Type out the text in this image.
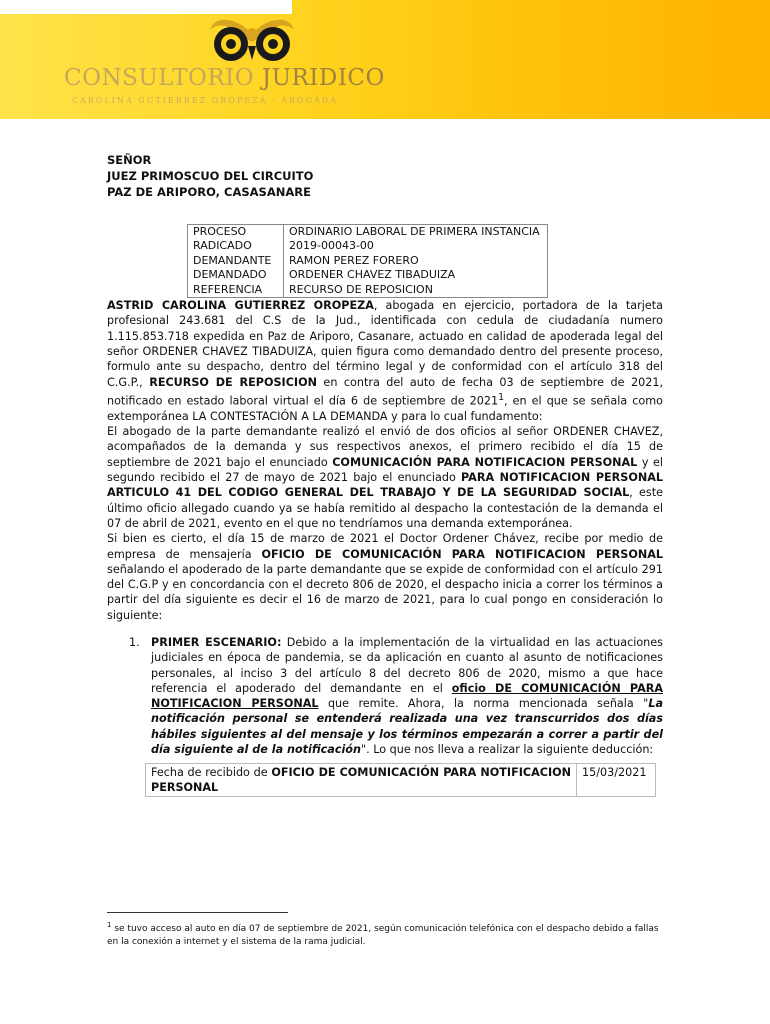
CONSULTORIO JURIDICO
CAROLINA GUTIERREZ OROPEZA - ABOGADA
SEÑOR
JUEZ PRIMOSCUO DEL CIRCUITO
PAZ DE ARIPORO, CASASANARE
PROCESO	ORDINARIO LABORAL DE PRIMERA INSTANCIA
RADICADO	2019-00043-00
DEMANDANTE	RAMON PEREZ FORERO
DEMANDADO	ORDENER CHAVEZ TIBADUIZA
REFERENCIA	RECURSO DE REPOSICION

ASTRID CAROLINA GUTIERREZ OROPEZA, abogada en ejercicio, portadora de la tarjeta profesional 243.681 del C.S de la Jud., identificada con cedula de ciudadanía numero 1.115.853.718 expedida en Paz de Ariporo, Casanare, actuado en calidad de apoderada legal del señor ORDENER CHAVEZ TIBADUIZA, quien figura como demandado dentro del presente proceso, formulo ante su despacho, dentro del término legal y de conformidad con el artículo 318 del C.G.P., RECURSO DE REPOSICION en contra del auto de fecha 03 de septiembre de 2021, notificado en estado laboral virtual el día 6 de septiembre de 2021$^1$, en el que se señala como extemporánea LA CONTESTACIÓN A LA DEMANDA y para lo cual fundamento:

El abogado de la parte demandante realizó el envió de dos oficios al señor ORDENER CHAVEZ, acompañados de la demanda y sus respectivos anexos, el primero recibido el día 15 de septiembre de 2021 bajo el enunciado COMUNICACIÓN PARA NOTIFICACION PERSONAL y el segundo recibido el 27 de mayo de 2021 bajo el enunciado PARA NOTIFICACION PERSONAL ARTICULO 41 DEL CODIGO GENERAL DEL TRABAJO Y DE LA SEGURIDAD SOCIAL, este último oficio allegado cuando ya se había remitido al despacho la contestación de la demanda el 07 de abril de 2021, evento en el que no tendríamos una demanda extemporánea.

Si bien es cierto, el día 15 de marzo de 2021 el Doctor Ordener Chávez, recibe por medio de empresa de mensajería OFICIO DE COMUNICACIÓN PARA NOTIFICACION PERSONAL señalando el apoderado de la parte demandante que se expide de conformidad con el artículo 291 del C.G.P y en concordancia con el decreto 806 de 2020, el despacho inicia a correr los términos a partir del día siguiente es decir el 16 de marzo de 2021, para lo cual pongo en consideración lo siguiente:

1. PRIMER ESCENARIO: Debido a la implementación de la virtualidad en las actuaciones judiciales en época de pandemia, se da aplicación en cuanto al asunto de notificaciones personales, al inciso 3 del artículo 8 del decreto 806 de 2020, mismo a que hace referencia el apoderado del demandante en el oficio DE COMUNICACIÓN PARA NOTIFICACION PERSONAL que remite. Ahora, la norma mencionada señala "La notificación personal se entenderá realizada una vez transcurridos dos días hábiles siguientes al del mensaje y los términos empezarán a correr a partir del día siguiente al de la notificación". Lo que nos lleva a realizar la siguiente deducción:
Fecha de recibido de OFICIO DE COMUNICACIÓN PARA NOTIFICACION PERSONAL	15/03/2021
$^1$ se tuvo acceso al auto en día 07 de septiembre de 2021, según comunicación telefónica con el despacho debido a fallas en la conexión a internet y el sistema de la rama judicial.
